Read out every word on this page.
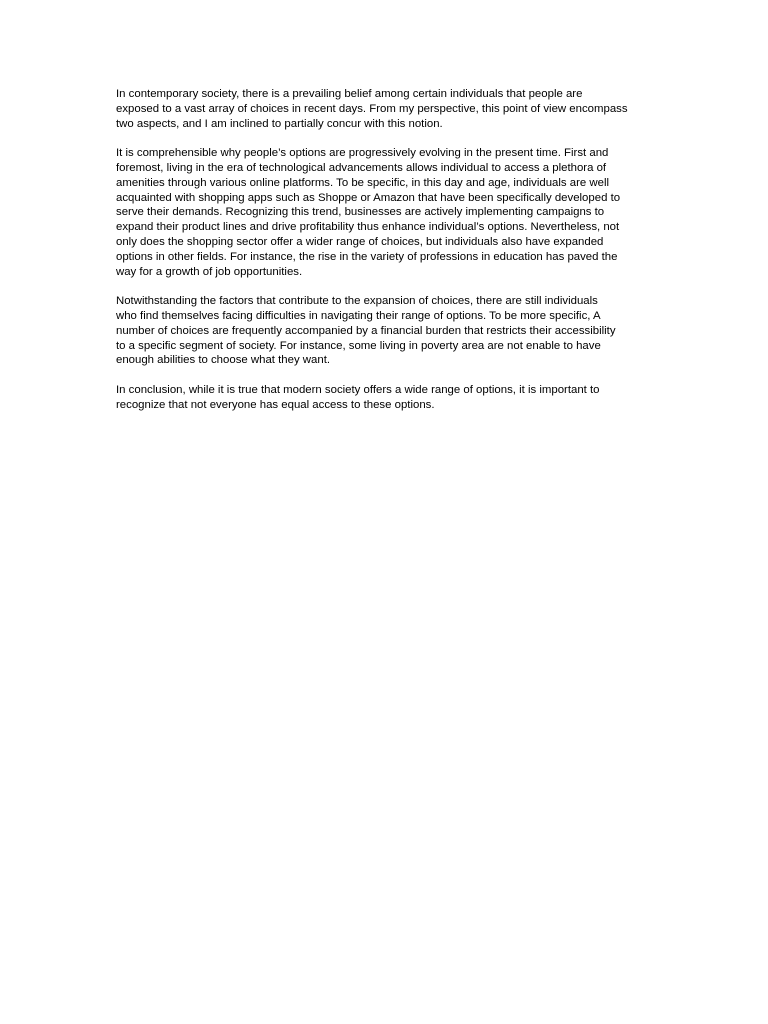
In contemporary society, there is a prevailing belief among certain individuals that people are
exposed to a vast array of choices in recent days. From my perspective, this point of view encompass
two aspects, and I am inclined to partially concur with this notion.

It is comprehensible why people’s options are progressively evolving in the present time. First and
foremost, living in the era of technological advancements allows individual to access a plethora of
amenities through various online platforms. To be specific, in this day and age, individuals are well
acquainted with shopping apps such as Shoppe or Amazon that have been specifically developed to
serve their demands. Recognizing this trend, businesses are actively implementing campaigns to
expand their product lines and drive profitability thus enhance individual’s options. Nevertheless, not
only does the shopping sector offer a wider range of choices, but individuals also have expanded
options in other fields. For instance, the rise in the variety of professions in education has paved the
way for a growth of job opportunities.

Notwithstanding the factors that contribute to the expansion of choices, there are still individuals
who find themselves facing difficulties in navigating their range of options. To be more specific, A
number of choices are frequently accompanied by a financial burden that restricts their accessibility
to a specific segment of society. For instance, some living in poverty area are not enable to have
enough abilities to choose what they want.

In conclusion, while it is true that modern society offers a wide range of options, it is important to
recognize that not everyone has equal access to these options.
